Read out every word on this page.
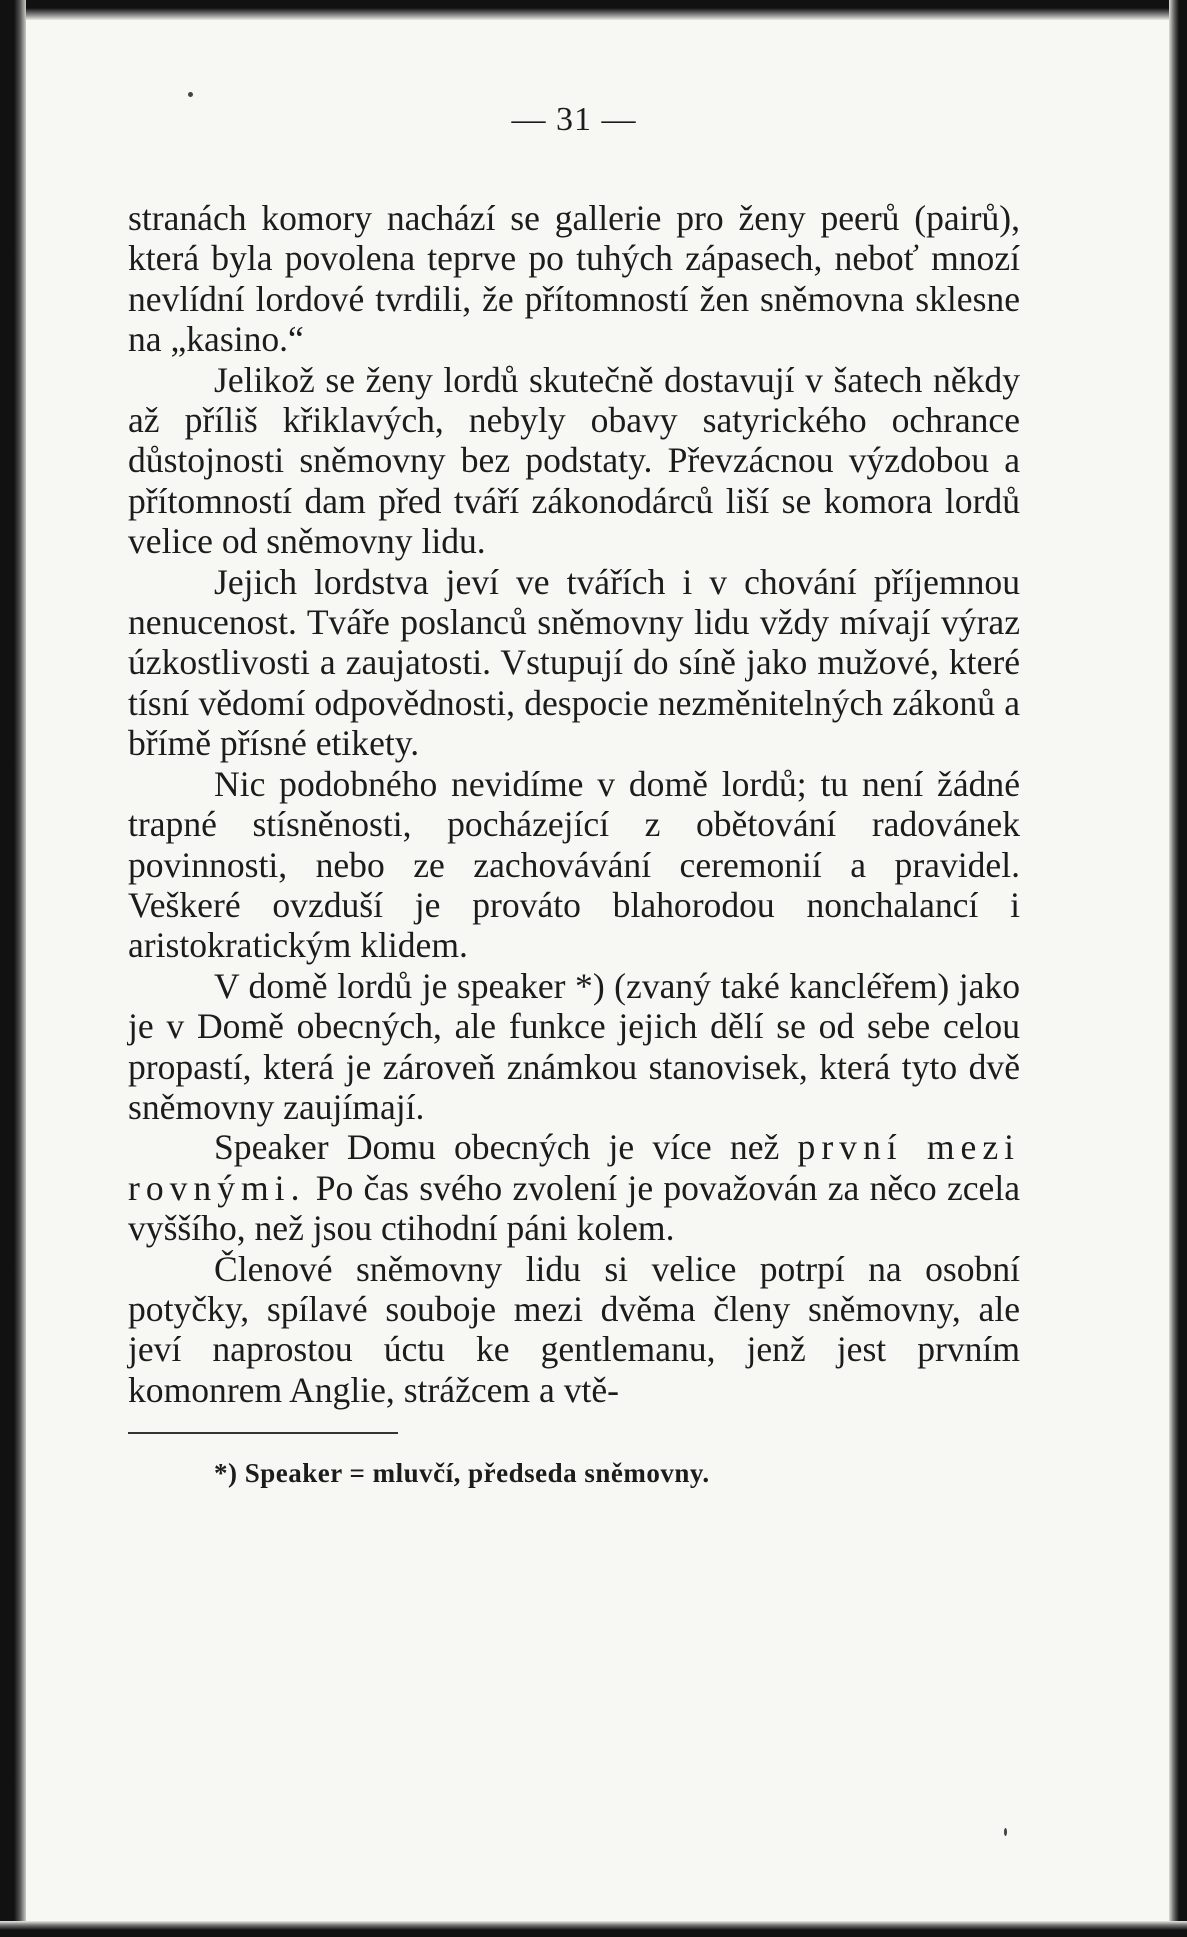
— 31 —

stranách komory nachází se gallerie pro ženy peerů (pairů), která byla povolena teprve po tuhých zápasech, neboť mnozí nevlídní lordové tvrdili, že přítomností žen sněmovna sklesne na „kasino.“

Jelikož se ženy lordů skutečně dostavují v šatech někdy až příliš křiklavých, nebyly obavy satyrického ochrance důstojnosti sněmovny bez podstaty. Převzácnou výzdobou a přítomností dam před tváří zákonodárců liší se komora lordů velice od sněmovny lidu.

Jejich lordstva jeví ve tvářích i v chování příjemnou nenucenost. Tváře poslanců sněmovny lidu vždy mívají výraz úzkostlivosti a zaujatosti. Vstupují do síně jako mužové, které tísní vědomí odpovědnosti, despocie nezměnitelných zákonů a břímě přísné etikety.

Nic podobného nevidíme v domě lordů; tu není žádné trapné stísněnosti, pocházející z obětování radovánek povinnosti, nebo ze zachovávání ceremonií a pravidel. Veškeré ovzduší je prováto blahorodou nonchalancí i aristokratickým klidem.

V domě lordů je speaker *) (zvaný také kancléřem) jako je v Domě obecných, ale funkce jejich dělí se od sebe celou propastí, která je zároveň známkou stanovisek, která tyto dvě sněmovny zaujímají.

Speaker Domu obecných je více než první mezi rovnými. Po čas svého zvolení je považován za něco zcela vyššího, než jsou ctihodní páni kolem.

Členové sněmovny lidu si velice potrpí na osobní potyčky, spílavé souboje mezi dvěma členy sněmovny, ale jeví naprostou úctu ke gentlemanu, jenž jest prvním komonrem Anglie, strážcem a vtě-

*) Speaker = mluvčí, předseda sněmovny.
